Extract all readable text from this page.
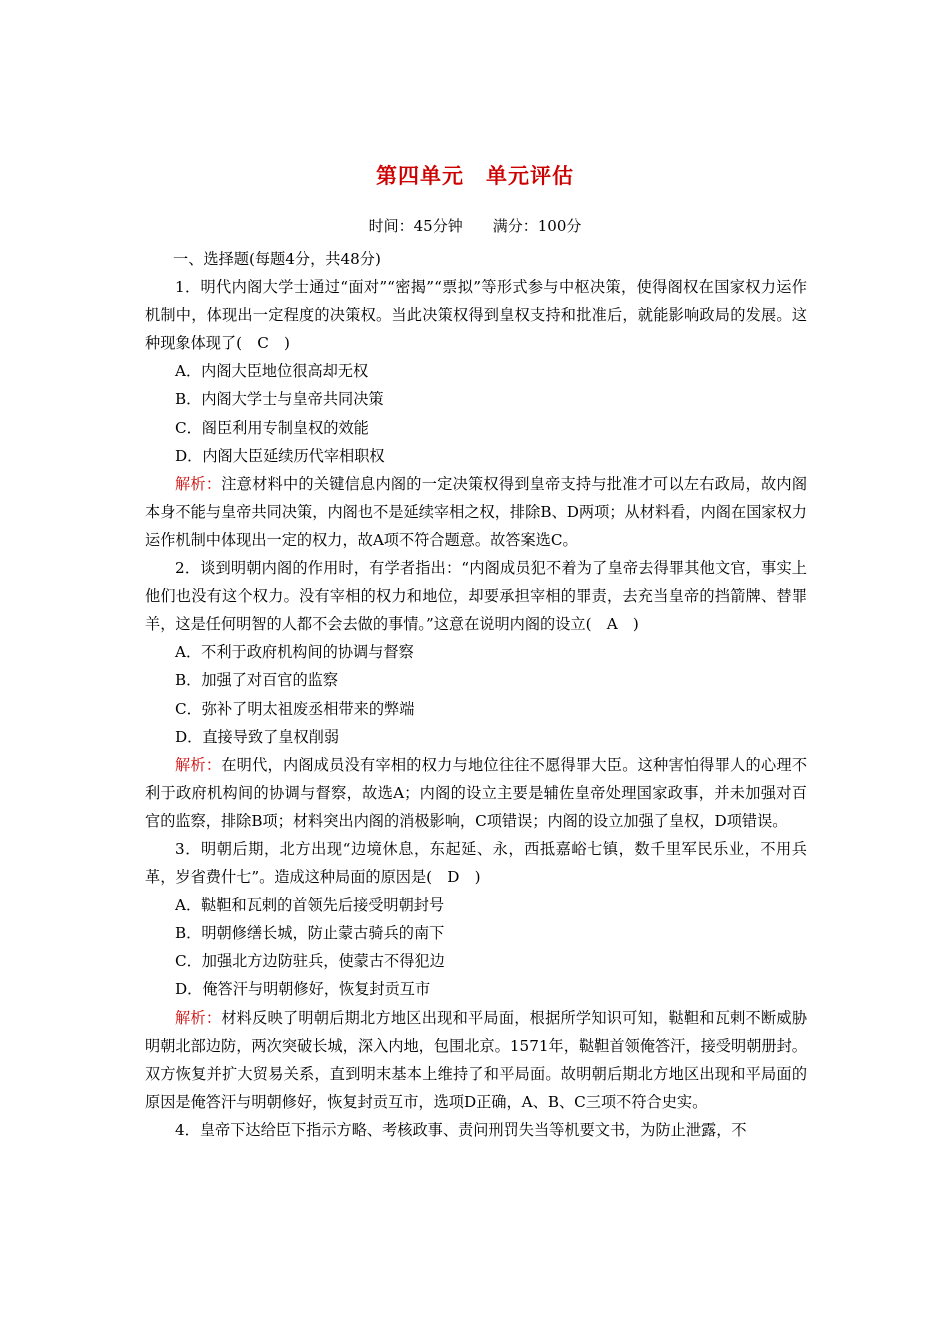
第四单元　单元评估
时间：45分钟　　满分：100分

一、选择题(每题4分，共48分)

1．明代内阁大学士通过“面对”“密揭”“票拟”等形式参与中枢决策，使得阁权在国家权力运作机制中，体现出一定程度的决策权。当此决策权得到皇权支持和批准后，就能影响政局的发展。这种现象体现了(　C　)

A．内阁大臣地位很高却无权

B．内阁大学士与皇帝共同决策

C．阁臣利用专制皇权的效能

D．内阁大臣延续历代宰相职权

解析：注意材料中的关键信息内阁的一定决策权得到皇帝支持与批准才可以左右政局，故内阁本身不能与皇帝共同决策，内阁也不是延续宰相之权，排除B、D两项；从材料看，内阁在国家权力运作机制中体现出一定的权力，故A项不符合题意。故答案选C。

2．谈到明朝内阁的作用时，有学者指出：“内阁成员犯不着为了皇帝去得罪其他文官，事实上他们也没有这个权力。没有宰相的权力和地位，却要承担宰相的罪责，去充当皇帝的挡箭牌、替罪羊，这是任何明智的人都不会去做的事情。”这意在说明内阁的设立(　A　)

A．不利于政府机构间的协调与督察

B．加强了对百官的监察

C．弥补了明太祖废丞相带来的弊端

D．直接导致了皇权削弱

解析：在明代，内阁成员没有宰相的权力与地位往往不愿得罪大臣。这种害怕得罪人的心理不利于政府机构间的协调与督察，故选A；内阁的设立主要是辅佐皇帝处理国家政事，并未加强对百官的监察，排除B项；材料突出内阁的消极影响，C项错误；内阁的设立加强了皇权，D项错误。

3．明朝后期，北方出现“边境休息，东起延、永，西抵嘉峪七镇，数千里军民乐业，不用兵革，岁省费什七”。造成这种局面的原因是(　D　)

A．鞑靼和瓦剌的首领先后接受明朝封号

B．明朝修缮长城，防止蒙古骑兵的南下

C．加强北方边防驻兵，使蒙古不得犯边

D．俺答汗与明朝修好，恢复封贡互市

解析：材料反映了明朝后期北方地区出现和平局面，根据所学知识可知，鞑靼和瓦剌不断威胁明朝北部边防，两次突破长城，深入内地，包围北京。1571年，鞑靼首领俺答汗，接受明朝册封。双方恢复并扩大贸易关系，直到明末基本上维持了和平局面。故明朝后期北方地区出现和平局面的原因是俺答汗与明朝修好，恢复封贡互市，选项D正确，A、B、C三项不符合史实。

4．皇帝下达给臣下指示方略、考核政事、责问刑罚失当等机要文书，为防止泄露，不
